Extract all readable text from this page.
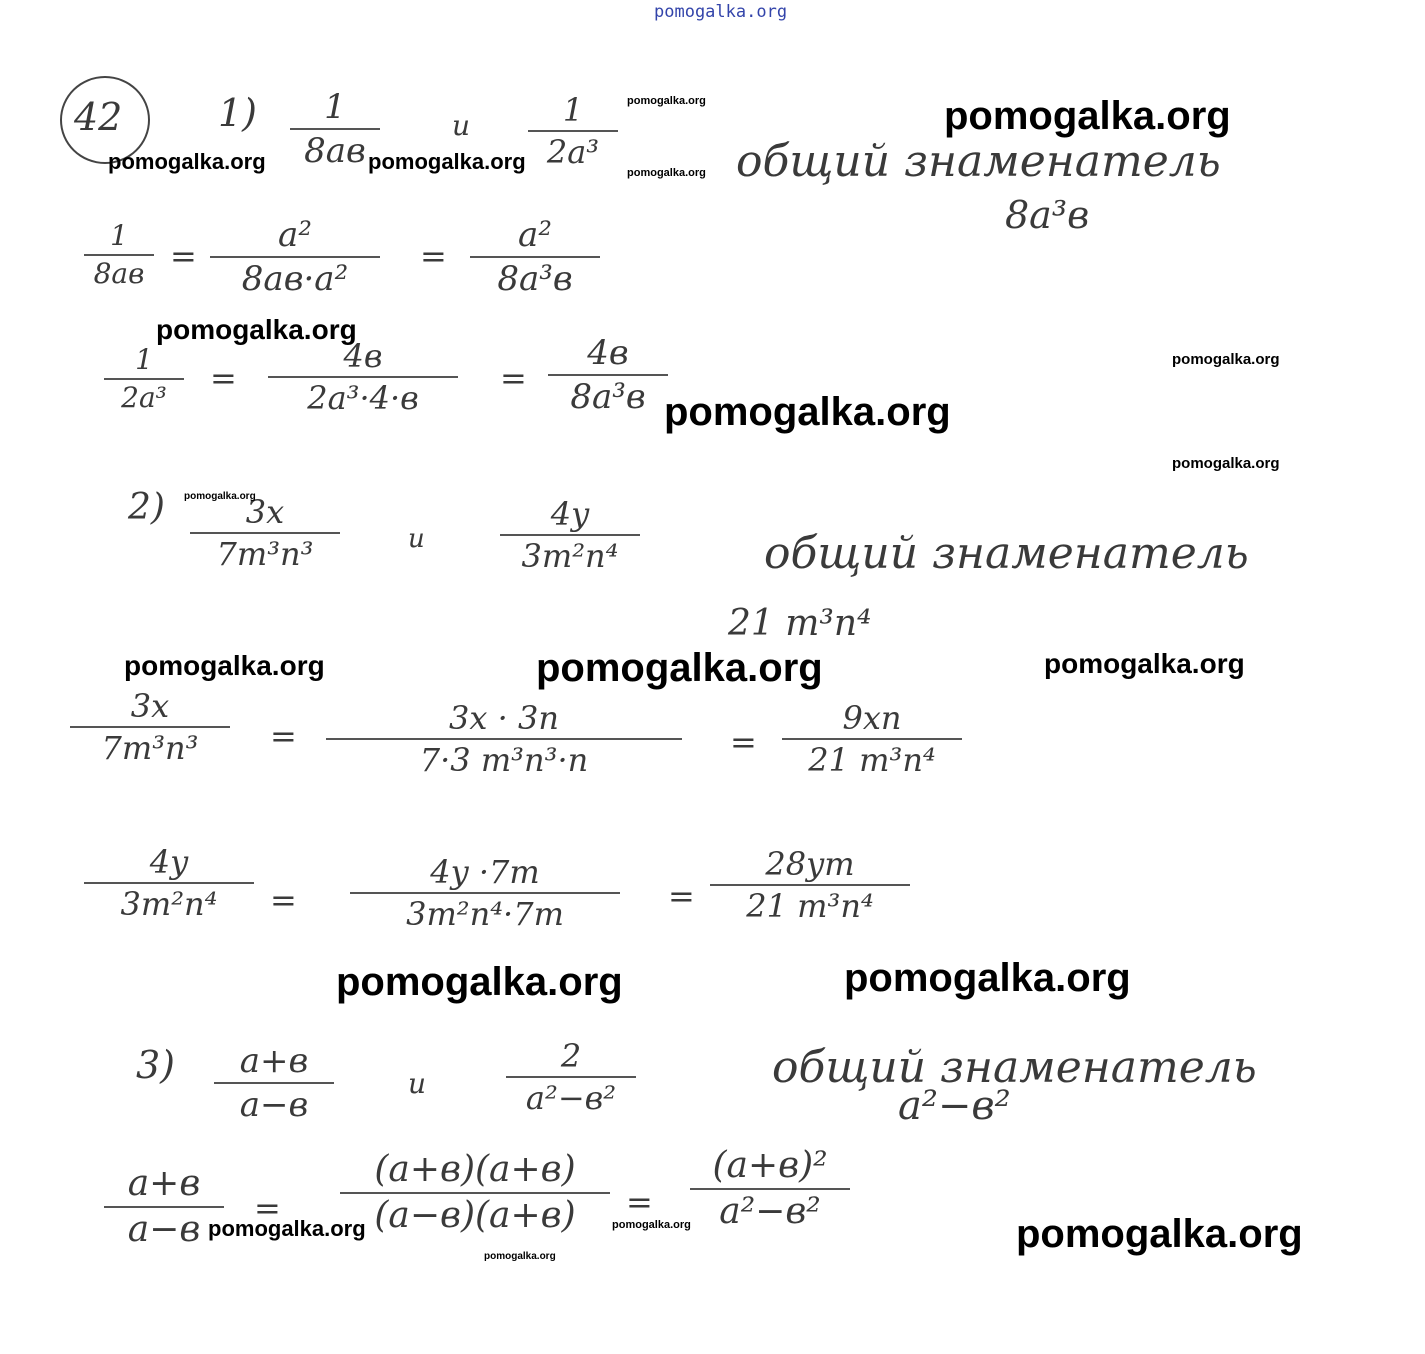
pomogalka.org
42	1)	1
8aв
и	1
2a³	общий знаменатель
8a³в
1
8aв =
a²
8aв·a²
=
a²
8a³в
1
2a³
=
4в
2a³·4·в
=
4в
8a³в
2)	3x
7m³n³	и
4y
3m²n⁴	общий знаменатель
21 m³n⁴
3x
7m³n³	=	3x · 3n
7·3 m³n³·n	=
9xn
21 m³n⁴
4y
3m²n⁴	=
4y ·7m
3m²n⁴·7m	=
28ym
21 m³n⁴
3)	a+в
a−в
и
2
a²−в²
общий знаменатель
a²−в²
a+в
a−в
=
(a+в)(a+в)
(a−в)(a+в)	=
(a+в)²
a²−в²
pomogalka.org	pomogalka.org
pomogalka.org	pomogalka.org	pomogalka.org
pomogalka.org
pomogalka.org
pomogalka.org
pomogalka.org
pomogalka.org
pomogalka.org	pomogalka.org	pomogalka.org
pomogalka.org	pomogalka.org
pomogalka.org	pomogalka.org	pomogalka.org
pomogalka.org
